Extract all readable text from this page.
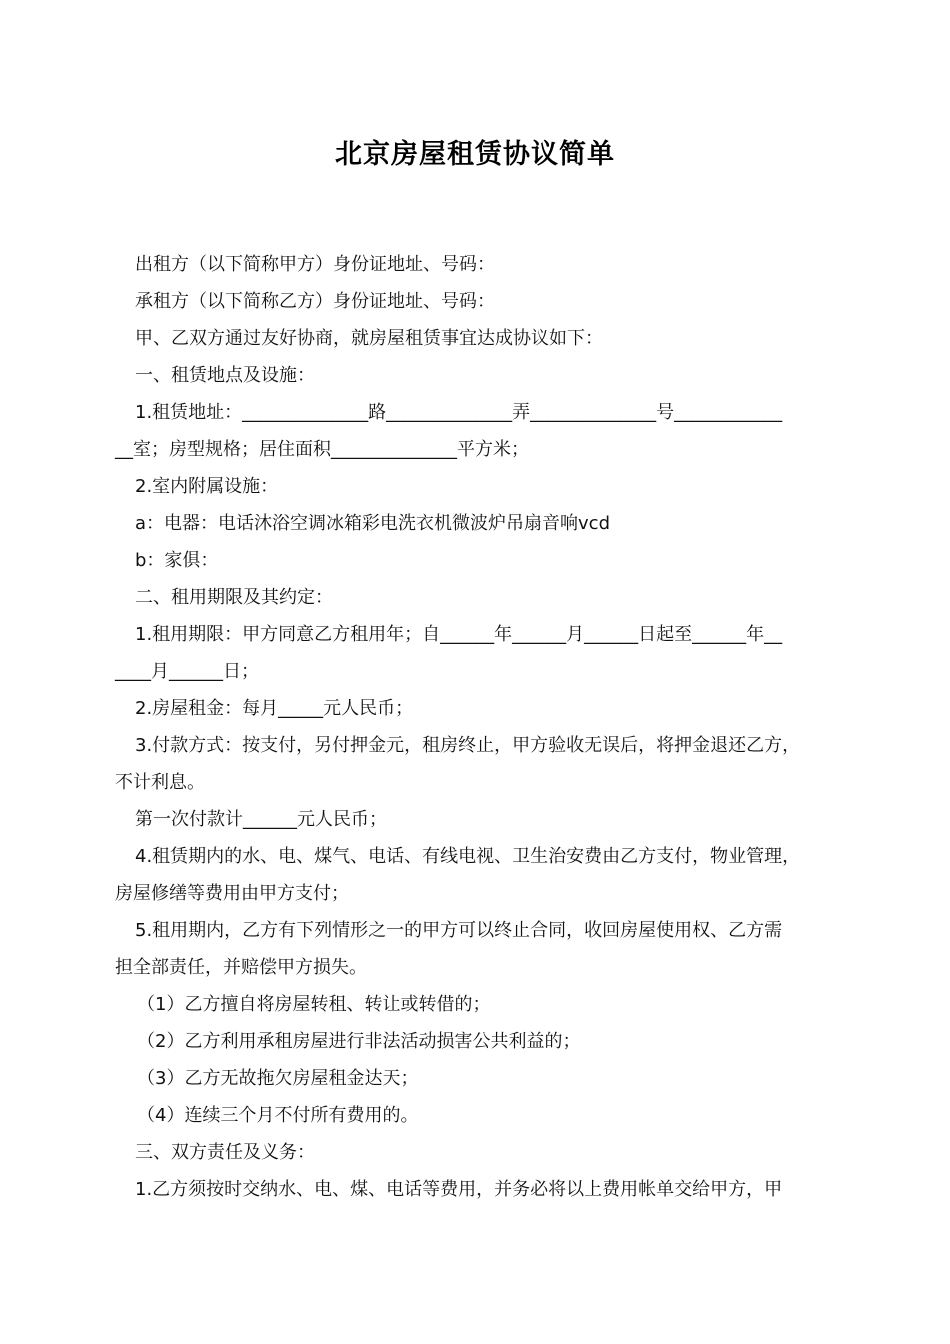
北京房屋租赁协议简单
出租方（以下简称甲方）身份证地址、号码：
承租方（以下简称乙方）身份证地址、号码：
甲、乙双方通过友好协商，就房屋租赁事宜达成协议如下：
一、租赁地点及设施：
1.租赁地址：______________路______________弄______________号____________
__室；房型规格；居住面积______________平方米；
2.室内附属设施：
a：电器：电话沐浴空调冰箱彩电洗衣机微波炉吊扇音响vcd
b：家俱：
二、租用期限及其约定：
1.租用期限：甲方同意乙方租用年；自______年______月______日起至______年__
____月______日；
2.房屋租金：每月_____元人民币；
3.付款方式：按支付，另付押金元，租房终止，甲方验收无误后，将押金退还乙方，
不计利息。
第一次付款计______元人民币；
4.租赁期内的水、电、煤气、电话、有线电视、卫生治安费由乙方支付，物业管理，
房屋修缮等费用由甲方支付；
5.租用期内，乙方有下列情形之一的甲方可以终止合同，收回房屋使用权、乙方需
担全部责任，并赔偿甲方损失。
（1）乙方擅自将房屋转租、转让或转借的；
（2）乙方利用承租房屋进行非法活动损害公共利益的；
（3）乙方无故拖欠房屋租金达天；
（4）连续三个月不付所有费用的。
三、双方责任及义务：
1.乙方须按时交纳水、电、煤、电话等费用，并务必将以上费用帐单交给甲方，甲
